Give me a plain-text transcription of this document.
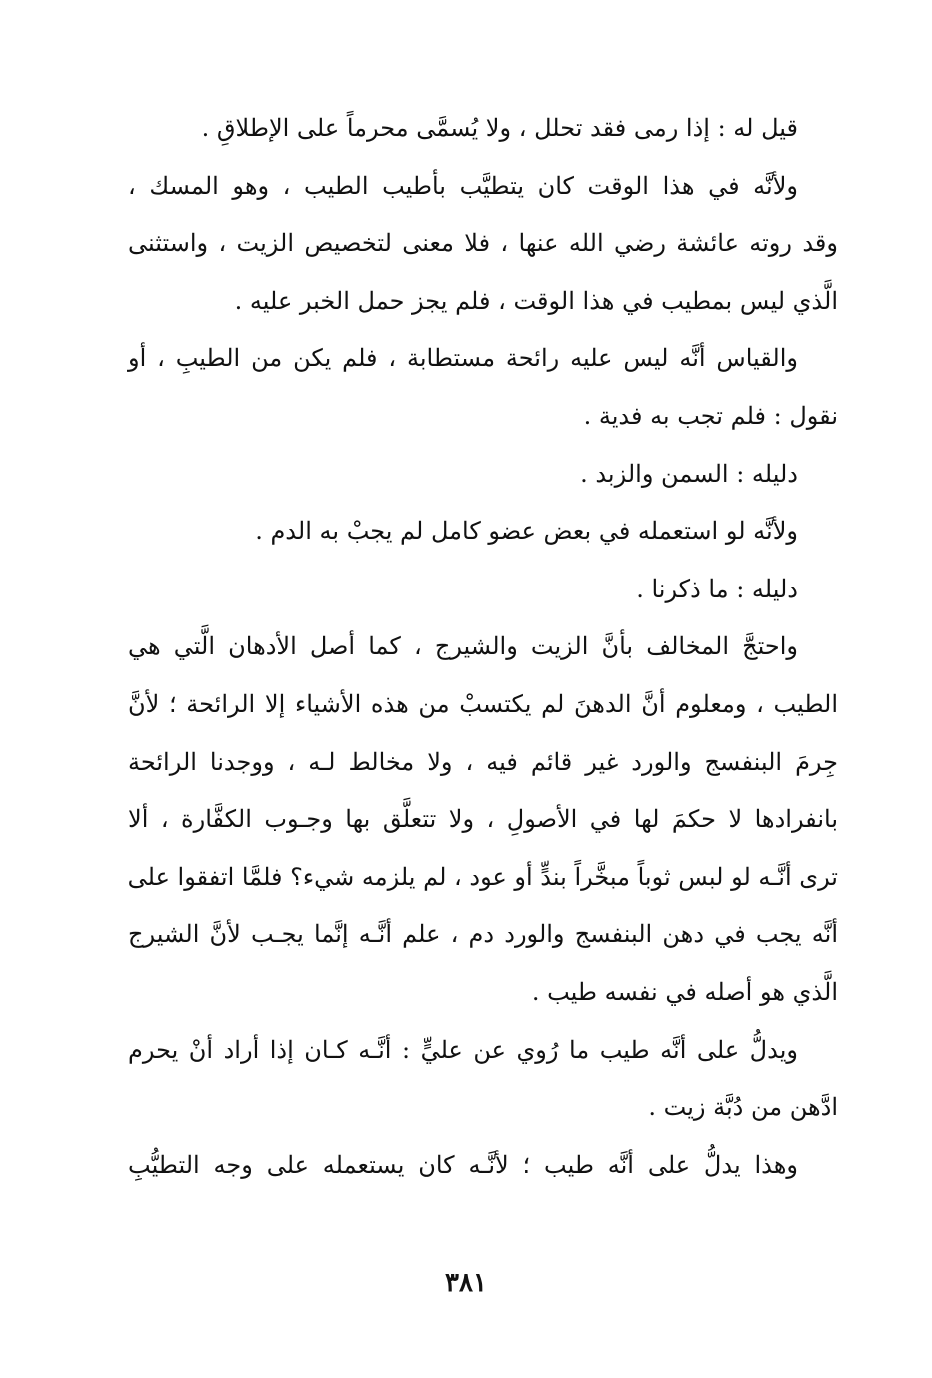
قيل له : إذا رمى فقد تحلل ، ولا يُسمَّى محرماً على الإطلاقِ .
ولأنَّه في هذا الوقت كان يتطيَّب بأطيب الطيب ، وهو المسك ،
وقد روته عائشة رضي الله عنها ، فلا معنى لتخصيص الزيت ، واستثنى
الَّذي ليس بمطيب في هذا الوقت ، فلم يجز حمل الخبر عليه .
والقياس أنَّه ليس عليه رائحة مستطابة ، فلم يكن من الطيبِ ، أو
نقول : فلم تجب به فدية .
دليله : السمن والزبد .
ولأنَّه لو استعمله في بعض عضو كامل لم يجبْ به الدم .
دليله : ما ذكرنا .
واحتجَّ المخالف بأنَّ الزيت والشيرج ، كما أصل الأدهان الَّتي هي
الطيب ، ومعلوم أنَّ الدهنَ لم يكتسبْ من هذه الأشياء إلا الرائحة ؛ لأنَّ
جِرمَ البنفسج والورد غير قائم فيه ، ولا مخالط لـه ، ووجدنا الرائحة
بانفرادها لا حكمَ لها في الأصولِ ، ولا تتعلَّق بها وجـوب الكفَّارة ، ألا
ترى أنَّـه لو لبس ثوباً مبخَّراً بندٍّ أو عود ، لم يلزمه شيء؟ فلمَّا اتفقوا على
أنَّه يجب في دهن البنفسج والورد دم ، علم أنَّـه إنَّما يجـب لأنَّ الشيرج
الَّذي هو أصله في نفسه طيب .
ويدلُّ على أنَّه طيب ما رُوي عن عليٍّ : أنَّـه كـان إذا أراد أنْ يحرم
ادَّهن من دُبَّة زيت .
وهذا يدلُّ على أنَّه طيب ؛ لأنَّـه كان يستعمله على وجه التطيُّبِ
٣٨١
